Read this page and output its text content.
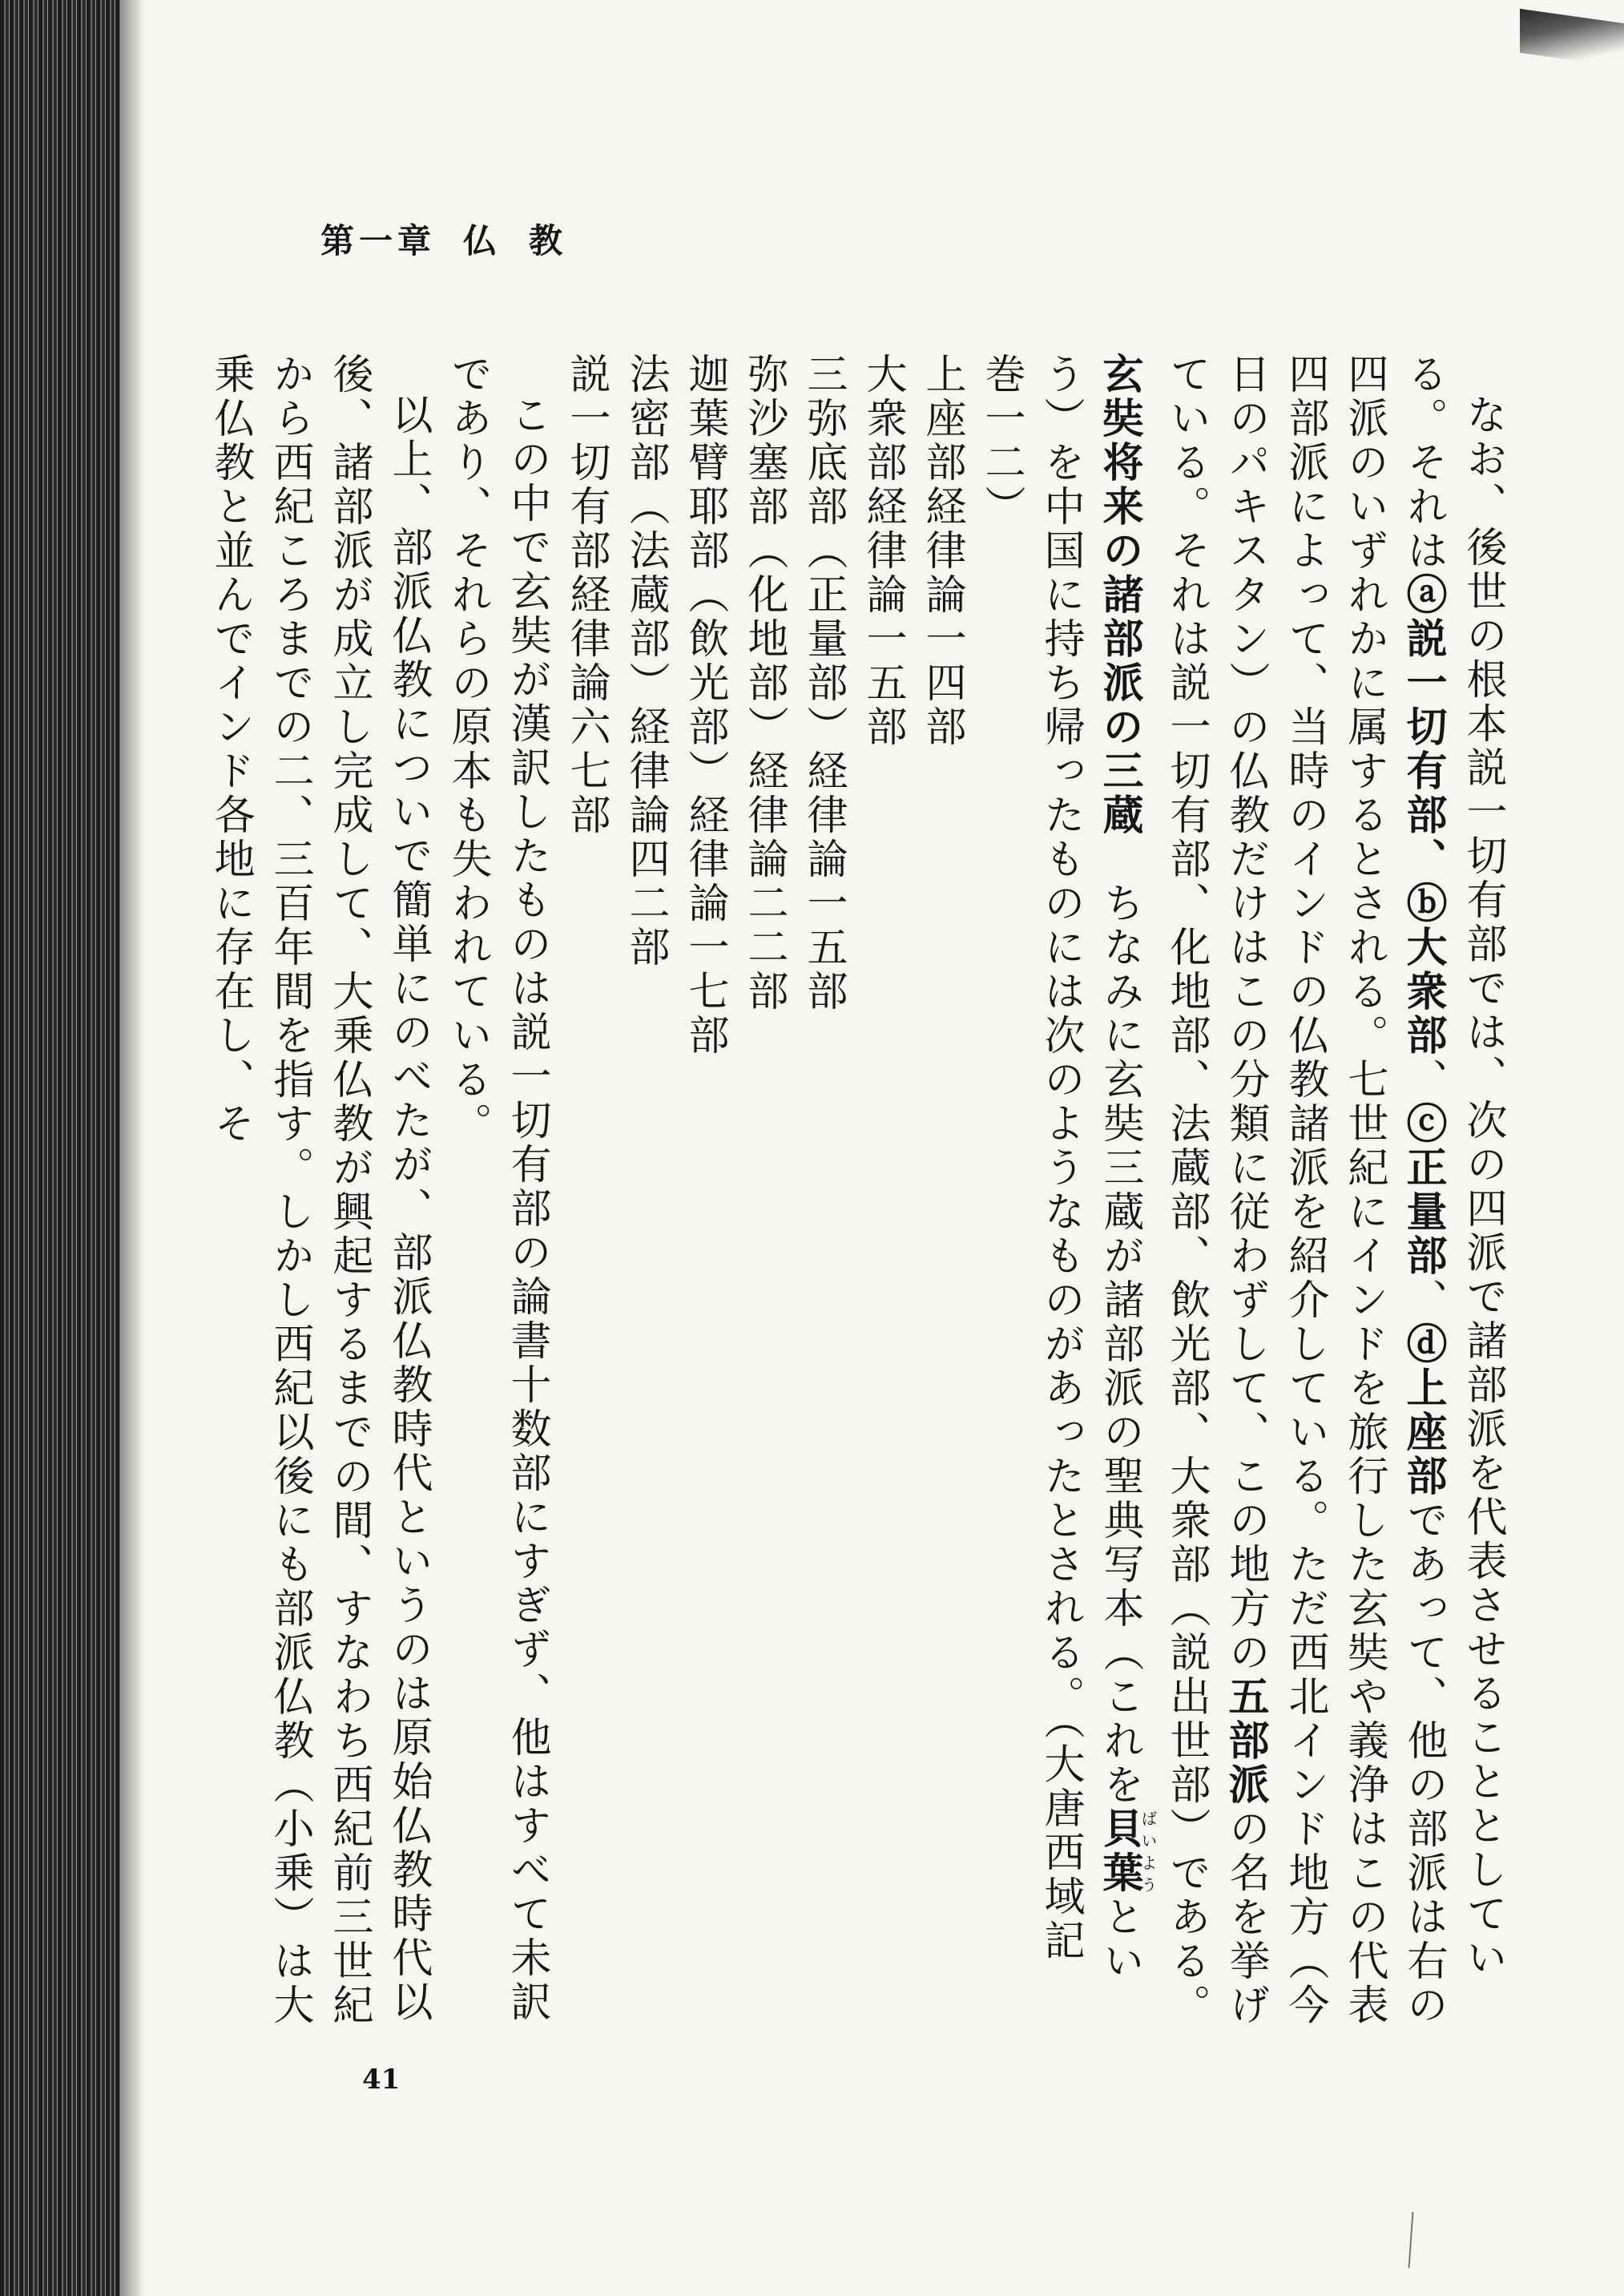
第一章 仏 教

なお、後世の根本説一切有部では、次の四派で諸部派を代表させることとしている。それはⓐ説一切有部、ⓑ大衆部、ⓒ正量部、ⓓ上座部であって、他の部派は右の四派のいずれかに属するとされる。七世紀にインドを旅行した玄奘や義浄はこの代表四部派によって、当時のインドの仏教諸派を紹介している。ただ西北インド地方（今日のパキスタン）の仏教だけはこの分類に従わずして、この地方の五部派の名を挙げている。それは説一切有部、化地部、法蔵部、飲光部、大衆部（説出世部）である。

玄奘将来の諸部派の三蔵　ちなみに玄奘三蔵が諸部派の聖典写本（これを貝葉ばいようという）を中国に持ち帰ったものには次のようなものがあったとされる。（大唐西域記　巻一二）

上座部経律論一四部

大衆部経律論一五部

三弥底部（正量部）経律論一五部

弥沙塞部（化地部）経律論二二部

迦葉臂耶部（飲光部）経律論一七部

法密部（法蔵部）経律論四二部

説一切有部経律論六七部

この中で玄奘が漢訳したものは説一切有部の論書十数部にすぎず、他はすべて未訳であり、それらの原本も失われている。

以上、部派仏教についで簡単にのべたが、部派仏教時代というのは原始仏教時代以後、諸部派が成立し完成して、大乗仏教が興起するまでの間、すなわち西紀前三世紀から西紀ころまでの二、三百年間を指す。しかし西紀以後にも部派仏教（小乗）は大乗仏教と並んでインド各地に存在し、そ

41
